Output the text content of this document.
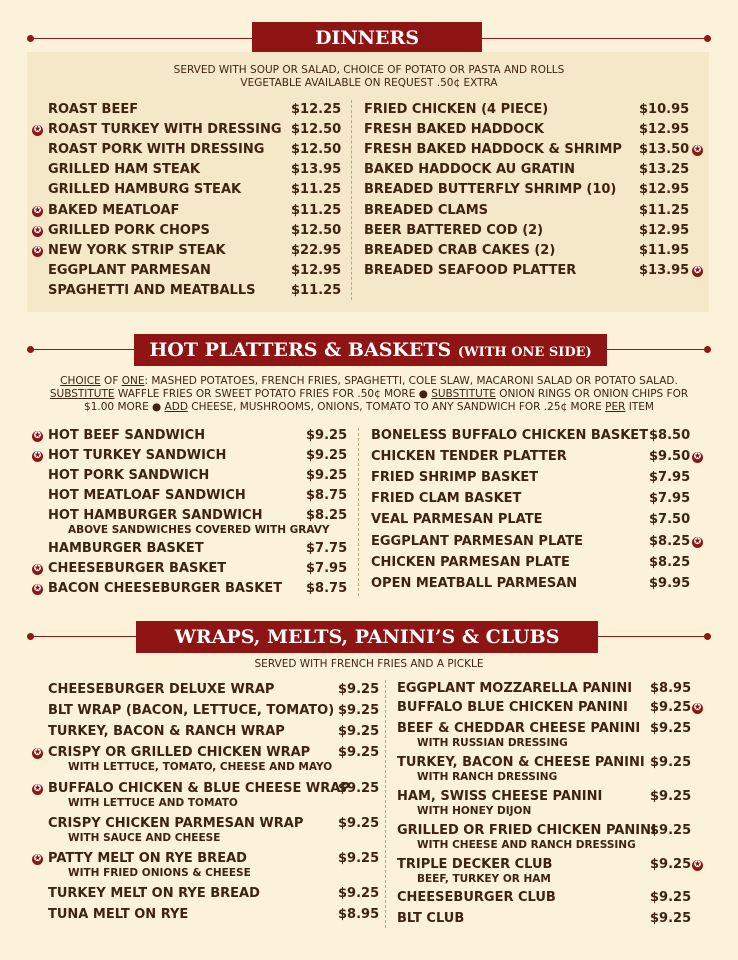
DINNERS
SERVED WITH SOUP OR SALAD, CHOICE OF POTATO OR PASTA AND ROLLS
VEGETABLE AVAILABLE ON REQUEST .50¢ EXTRA
ROAST BEEF	$12.25
✪ ROAST TURKEY WITH DRESSING $12.50
ROAST PORK WITH DRESSING $12.50
GRILLED HAM STEAK	$13.95
GRILLED HAMBURG STEAK	$11.25
✪ BAKED MEATLOAF	$11.25
✪ GRILLED PORK CHOPS	$12.50
✪ NEW YORK STRIP STEAK	$22.95
EGGPLANT PARMESAN	$12.95
SPAGHETTI AND MEATBALLS	$11.25
FRIED CHICKEN (4 PIECE)	$10.95
FRESH BAKED HADDOCK	$12.95
✪
FRESH BAKED HADDOCK & SHRIMP $13.50
BAKED HADDOCK AU GRATIN	$13.25
BREADED BUTTERFLY SHRIMP (10) $12.95
BREADED CLAMS	$11.25
BEER BATTERED COD (2)	$12.95
BREADED CRAB CAKES (2)	$11.95
✪
BREADED SEAFOOD PLATTER	$13.95
HOT PLATTERS & BASKETS (WITH ONE SIDE)
CHOICE OF ONE: MASHED POTATOES, FRENCH FRIES, SPAGHETTI, COLE SLAW, MACARONI SALAD OR POTATO SALAD.
SUBSTITUTE WAFFLE FRIES OR SWEET POTATO FRIES FOR .50¢ MORE ● SUBSTITUTE ONION RINGS OR ONION CHIPS FOR
$1.00 MORE ● ADD CHEESE, MUSHROOMS, ONIONS, TOMATO TO ANY SANDWICH FOR .25¢ MORE PER ITEM
✪ HOT BEEF SANDWICH	$9.25
✪ HOT TURKEY SANDWICH	$9.25
HOT PORK SANDWICH	$9.25
HOT MEATLOAF SANDWICH	$8.75
HOT HAMBURGER SANDWICH
ABOVE SANDWICHES COVERED WITH GRAVY
$8.25
HAMBURGER BASKET	$7.75
✪ CHEESEBURGER BASKET	$7.95
✪ BACON CHEESEBURGER BASKET $8.75
BONELESS BUFFALO CHICKEN BASKET $8.50
✪
CHICKEN TENDER PLATTER	$9.50
FRIED SHRIMP BASKET	$7.95
FRIED CLAM BASKET	$7.95
VEAL PARMESAN PLATE	$7.50
✪
EGGPLANT PARMESAN PLATE	$8.25
CHICKEN PARMESAN PLATE	$8.25
OPEN MEATBALL PARMESAN	$9.95
WRAPS, MELTS, PANINI’S & CLUBS
SERVED WITH FRENCH FRIES AND A PICKLE
CHEESEBURGER DELUXE WRAP	$9.25
BLT WRAP (BACON, LETTUCE, TOMATO) $9.25
TURKEY, BACON & RANCH WRAP	$9.25
✪ CRISPY OR GRILLED CHICKEN WRAP
WITH LETTUCE, TOMATO, CHEESE AND MAYO
$9.25
✪ BUFFALO CHICKEN & BLUE CHEESE WRAP
WITH LETTUCE AND TOMATO
$9.25
CRISPY CHICKEN PARMESAN WRAP
WITH SAUCE AND CHEESE
$9.25
✪ PATTY MELT ON RYE BREAD
WITH FRIED ONIONS & CHEESE
$9.25
TURKEY MELT ON RYE BREAD	$9.25
TUNA MELT ON RYE	$8.95
EGGPLANT MOZZARELLA PANINI $8.95
✪
BUFFALO BLUE CHICKEN PANINI $9.25
BEEF & CHEDDAR CHEESE PANINI
WITH RUSSIAN DRESSING
$9.25
TURKEY, BACON & CHEESE PANINI
WITH RANCH DRESSING
$9.25
HAM, SWISS CHEESE PANINI
WITH HONEY DIJON
$9.25
GRILLED OR FRIED CHICKEN PANINI
WITH CHEESE AND RANCH DRESSING
$9.25
✪
TRIPLE DECKER CLUB
BEEF, TURKEY OR HAM
$9.25
CHEESEBURGER CLUB	$9.25
BLT CLUB	$9.25
